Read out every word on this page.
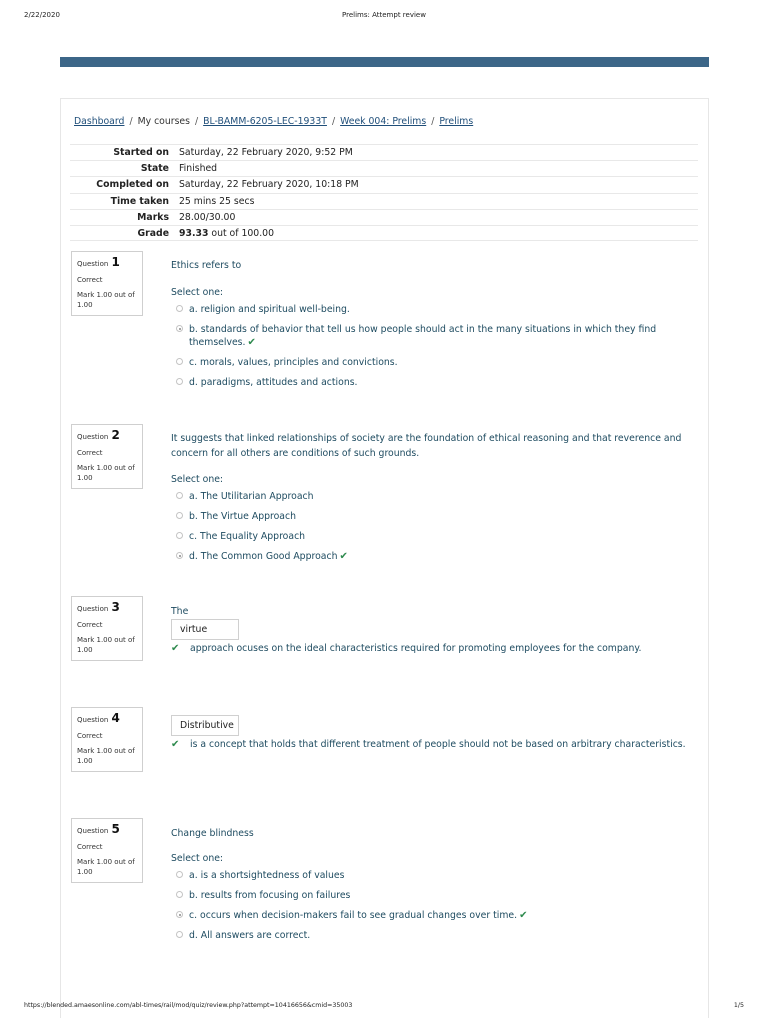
2/22/2020	Prelims: Attempt review
Dashboard / My courses / BL-BAMM-6205-LEC-1933T / Week 004: Prelims / Prelims
Started on Saturday, 22 February 2020, 9:52 PM
State Finished
Completed on Saturday, 22 February 2020, 10:18 PM
Time taken 25 mins 25 secs
Marks 28.00/30.00
Grade 93.33 out of 100.00
Question 1
Correct
Mark 1.00 out of 1.00
Ethics refers to
Select one:
a. religion and spiritual well-being.
b. standards of behavior that tell us how people should act in the many situations in which they find themselves. ✔
c. morals, values, principles and convictions.
d. paradigms, attitudes and actions.
Question 2
Correct
Mark 1.00 out of 1.00
It suggests that linked relationships of society are the foundation of ethical reasoning and that reverence and concern for all others are conditions of such grounds.
Select one:
a. The Utilitarian Approach
b. The Virtue Approach
c. The Equality Approach
d. The Common Good Approach ✔
Question 3
Correct
Mark 1.00 out of 1.00
The
virtue
✔ approach ocuses on the ideal characteristics required for promoting employees for the company.
Question 4
Correct
Mark 1.00 out of 1.00
Distributive
✔ is a concept that holds that different treatment of people should not be based on arbitrary characteristics.
Question 5
Correct
Mark 1.00 out of 1.00
Change blindness
Select one:
a. is a shortsightedness of values
b. results from focusing on failures
c. occurs when decision-makers fail to see gradual changes over time. ✔
d. All answers are correct.
https://blended.amaesonline.com/abl-times/rail/mod/quiz/review.php?attempt=10416656&cmid=35003	1/5
